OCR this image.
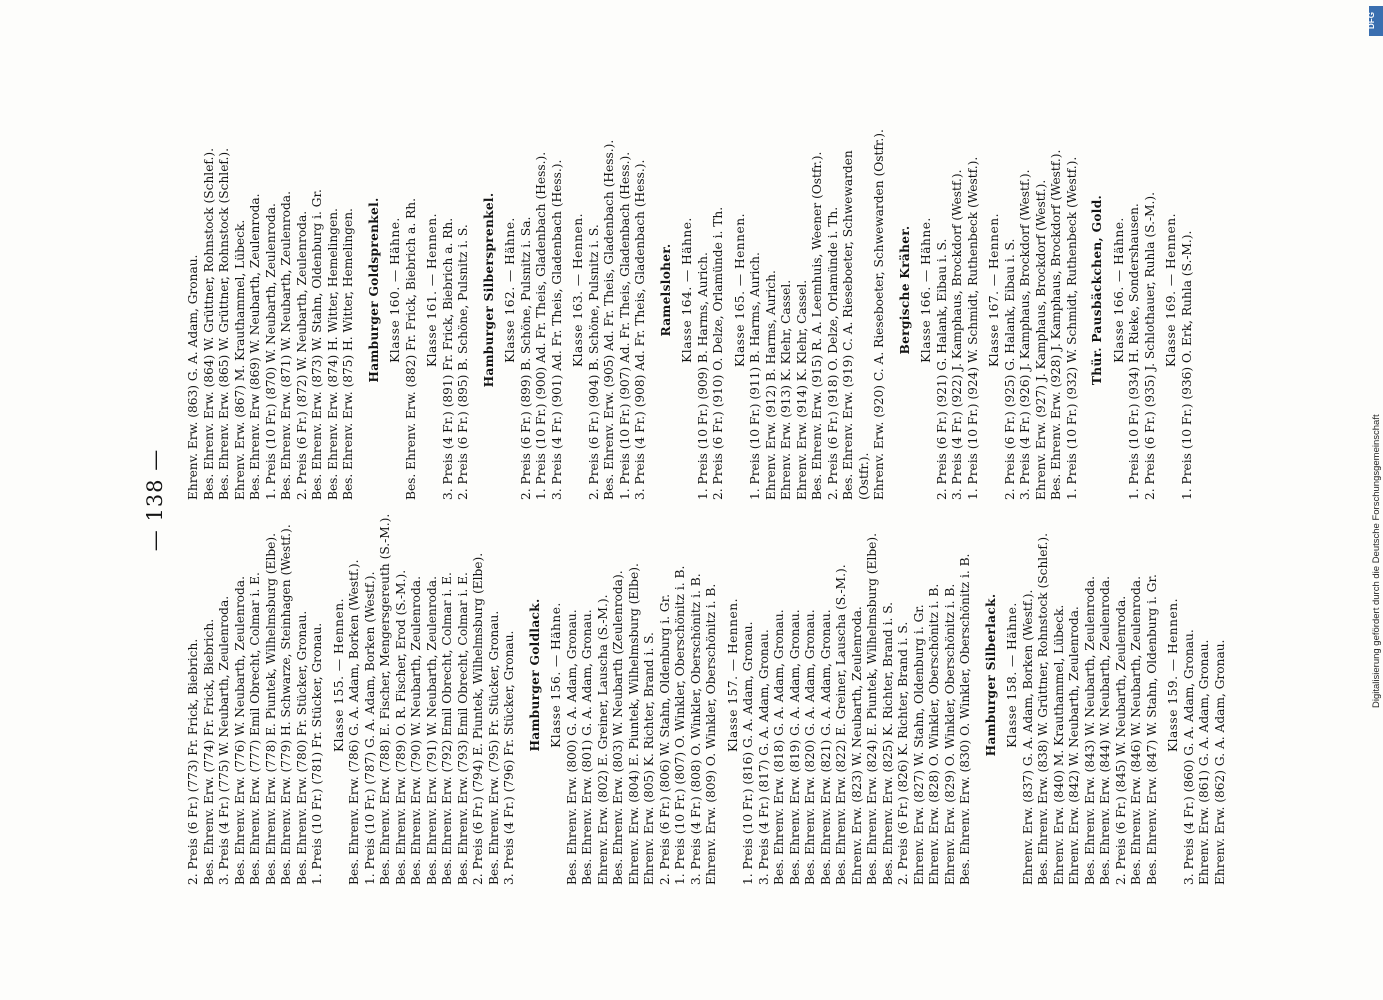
— 138 —
2. Preis (6 Fr.) (773) Fr. Frick, Biebrich. Bes. Ehrenv. Erw. (774) Fr. Frick, Biebrich. 3. Preis (4 Fr.) (775) W. Neubarth, Zeulenroda. Bes. Ehrenv. Erw. (776) W. Neubarth, Zeulenroda. Bes. Ehrenv. Erw. (777) Emil Obrecht, Colmar i. E. Bes. Ehrenv. Erw. (778) E. Piuntek, Wilhelmsburg (Elbe). Bes. Ehrenv. Erw. (779) H. Schwarze, Steinhagen (Westf.). Bes. Ehrenv. Erw. (780) Fr. Stücker, Gronau. 1. Preis (10 Fr.) (781) Fr. Stücker, Gronau. Klasse 155. — Hennen. Bes. Ehrenv. Erw. (786) G. A. Adam, Borken (Westf.). 1. Preis (10 Fr.) (787) G. A. Adam, Borken (Westf.). Bes. Ehrenv. Erw. (788) E. Fischer, Mengersgereuth (S.-M.). Bes. Ehrenv. Erw. (789) O. R. Fischer, Erod (S.-M.). Bes. Ehrenv. Erw. (790) W. Neubarth, Zeulenroda. Bes. Ehrenv. Erw. (791) W. Neubarth, Zeulenroda. Bes. Ehrenv. Erw. (792) Emil Obrecht, Colmar i. E. Bes. Ehrenv. Erw. (793) Emil Obrecht, Colmar i. E. 2. Preis (6 Fr.) (794) E. Piuntek, Wilhelmsburg (Elbe). Bes. Ehrenv. Erw. (795) Fr. Stücker, Gronau. 3. Preis (4 Fr.) (796) Fr. Stücker, Gronau. Hamburger Goldlack. Klasse 156. — Hähne. Bes. Ehrenv. Erw. (800) G. A. Adam, Gronau. Bes. Ehrenv. Erw. (801) G. A. Adam, Gronau. Ehrenv. Erw. (802) E. Greiner, Lauscha (S.-M.). Bes. Ehrenv. Erw. (803) W. Neubarth (Zeulenroda). Ehrenv. Erw. (804) E. Piuntek, Wilhelmsburg (Elbe). Ehrenv. Erw. (805) K. Richter, Brand i. S. 2. Preis (6 Fr.) (806) W. Stahn, Oldenburg i. Gr. 1. Preis (10 Fr.) (807) O. Winkler, Oberschönitz i. B. 3. Preis (4 Fr.) (808) O. Winkler, Oberschönitz i. B. Ehrenv. Erw. (809) O. Winkler, Oberschönitz i. B. Klasse 157. — Hennen. 1. Preis (10 Fr.) (816) G. A. Adam, Gronau. 3. Preis (4 Fr.) (817) G. A. Adam, Gronau. Bes. Ehrenv. Erw. (818) G. A. Adam, Gronau. Bes. Ehrenv. Erw. (819) G. A. Adam, Gronau. Bes. Ehrenv. Erw. (820) G. A. Adam, Gronau. Bes. Ehrenv. Erw. (821) G. A. Adam, Gronau. Bes. Ehrenv. Erw. (822) E. Greiner, Lauscha (S.-M.). Ehrenv. Erw. (823) W. Neubarth, Zeulenroda. Bes. Ehrenv. Erw. (824) E. Piuntek, Wilhelmsburg (Elbe). Bes. Ehrenv. Erw. (825) K. Richter, Brand i. S. 2. Preis (6 Fr.) (826) K. Richter, Brand i. S. Ehrenv. Erw. (827) W. Stahn, Oldenburg i. Gr. Ehrenv. Erw. (828) O. Winkler, Oberschönitz i. B. Ehrenv. Erw. (829) O. Winkler, Oberschönitz i. B. Bes. Ehrenv. Erw. (830) O. Winkler, Oberschönitz i. B. Hamburger Silberlack. Klasse 158. — Hähne. Ehrenv. Erw. (837) G. A. Adam, Borken (Westf.). Bes. Ehrenv. Erw. (838) W. Grüttner, Rohnstock (Schlef.). Ehrenv. Erw. (840) M. Krauthammel, Lübeck. Ehrenv. Erw. (842) W. Neubarth, Zeulenroda. Bes. Ehrenv. Erw. (843) W. Neubarth, Zeulenroda. Bes. Ehrenv. Erw. (844) W. Neubarth, Zeulenroda. 2. Preis (6 Fr.) (845) W. Neubarth, Zeulenroda. Bes. Ehrenv. Erw. (846) W. Neubarth, Zeulenroda. Bes. Ehrenv. Erw. (847) W. Stahn, Oldenburg i. Gr. Klasse 159. — Hennen. 3. Preis (4 Fr.) (860) G. A. Adam, Gronau. Ehrenv. Erw. (861) G. A. Adam, Gronau. Ehrenv. Erw. (862) G. A. Adam, Gronau.
Ehrenv. Erw. (863) G. A. Adam, Gronau. Bes. Ehrenv. Erw. (864) W. Grüttner, Rohnstock (Schlef.). Bes. Ehrenv. Erw. (865) W. Grüttner, Rohnstock (Schlef.). Ehrenv. Erw. (867) M. Krauthammel, Lübeck. Bes. Ehrenv. Erw (869) W. Neubarth, Zeulenroda. 1. Preis (10 Fr.) (870) W. Neubarth, Zeulenroda. Bes. Ehrenv. Erw. (871) W. Neubarth, Zeulenroda. 2. Preis (6 Fr.) (872) W. Neubarth, Zeulenroda. Bes. Ehrenv. Erw. (873) W. Stahn, Oldenburg i. Gr. Bes. Ehrenv. Erw. (874) H. Witter, Hemelingen. Bes. Ehrenv. Erw. (875) H. Witter, Hemelingen. Hamburger Goldsprenkel. Klasse 160. — Hähne. Bes. Ehrenv. Erw. (882) Fr. Frick, Biebrich a. Rh. Klasse 161. — Hennen. 3. Preis (4 Fr.) (891) Fr. Frick, Biebrich a. Rh. 2. Preis (6 Fr.) (895) B. Schöne, Pulsnitz i. S. Hamburger Silbersprenkel. Klasse 162. — Hähne. 2. Preis (6 Fr.) (899) B. Schöne, Pulsnitz i. Sa. 1. Preis (10 Fr.) (900) Ad. Fr. Theis, Gladenbach (Hess.). 3. Preis (4 Fr.) (901) Ad. Fr. Theis, Gladenbach (Hess.). Klasse 163. — Hennen. 2. Preis (6 Fr.) (904) B. Schöne, Pulsnitz i. S. Bes. Ehrenv. Erw. (905) Ad. Fr. Theis, Gladenbach (Hess.). 1. Preis (10 Fr.) (907) Ad. Fr. Theis, Gladenbach (Hess.). 3. Preis (4 Fr.) (908) Ad. Fr. Theis, Gladenbach (Hess.). Ramelsloher. Klasse 164. — Hähne. 1. Preis (10 Fr.) (909) B. Harms, Aurich. 2. Preis (6 Fr.) (910) O. Delze, Orlamünde i. Th. Klasse 165. — Hennen. 1. Preis (10 Fr.) (911) B. Harms, Aurich. Ehrenv. Erw. (912) B. Harms, Aurich. Ehrenv. Erw. (913) K. Klehr, Cassel. Ehrenv. Erw. (914) K. Klehr, Cassel. Bes. Ehrenv. Erw. (915) R. A. Leemhuis, Weener (Ostfr.). 2. Preis (6 Fr.) (918) O. Delze, Orlamünde i. Th. Bes. Ehrenv. Erw. (919) C. A. Rieseboeter, Schwewarden (Ostfr.). Ehrenv. Erw. (920) C. A. Rieseboeter, Schwewarden (Ostfr.). Bergische Kräher. Klasse 166. — Hähne. 2. Preis (6 Fr.) (921) G. Halank, Eibau i. S. 3. Preis (4 Fr.) (922) J. Kamphaus, Brockdorf (Westf.). 1. Preis (10 Fr.) (924) W. Schmidt, Ruthenbeck (Westf.). Klasse 167. — Hennen. 2. Preis (6 Fr.) (925) G. Halank, Eibau i. S. 3. Preis (4 Fr.) (926) J. Kamphaus, Brockdorf (Westf.). Ehrenv. Erw. (927) J. Kamphaus, Brockdorf (Westf.). Bes. Ehrenv. Erw. (928) J. Kamphaus, Brockdorf (Westf.). 1. Preis (10 Fr.) (932) W. Schmidt, Ruthenbeck (Westf.). Thür. Pausbäckchen, Gold. Klasse 166. — Hähne. 1. Preis (10 Fr.) (934) H. Rieke, Sondershausen. 2. Preis (6 Fr.) (935) J. Schlothauer, Ruhla (S.-M.). Klasse 169. — Hennen. 1. Preis (10 Fr.) (936) O. Erk, Ruhla (S.-M.).
DFG
Digitalisierung gefördert durch die Deutsche Forschungsgemeinschaft
